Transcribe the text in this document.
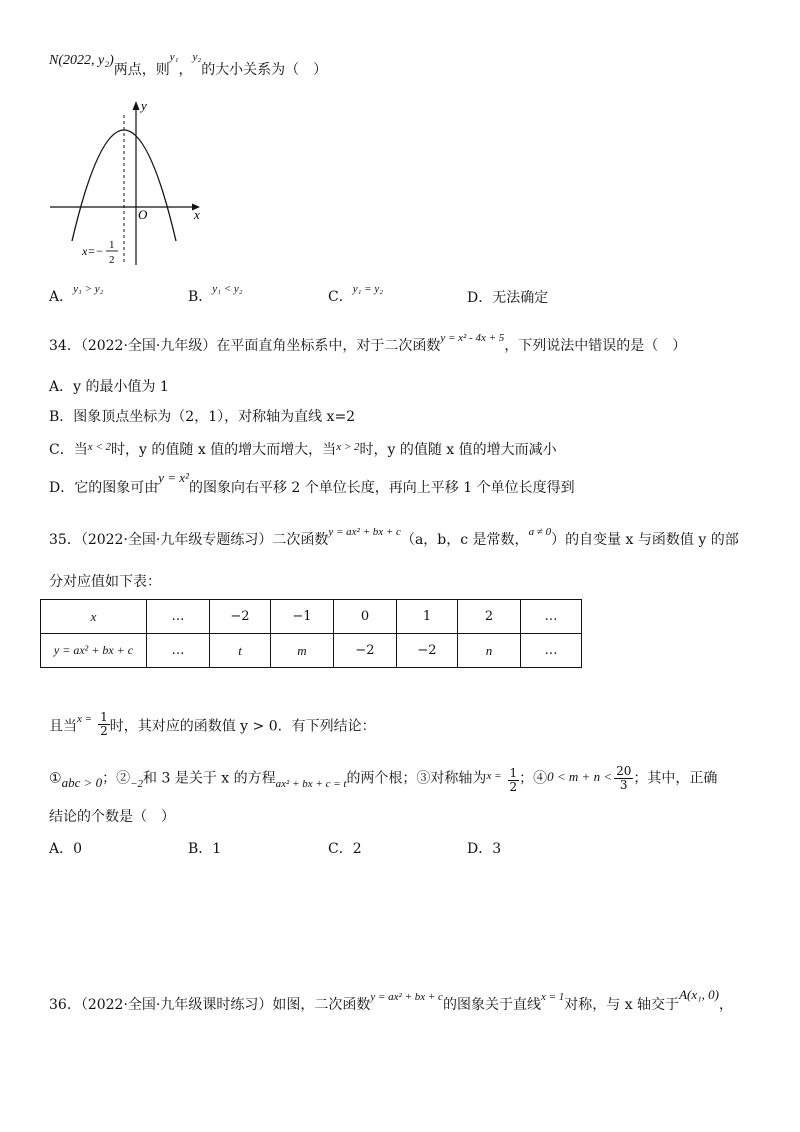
N(2022, y₂)两点，则$^{y_1}$，$^{y_2}$的大小关系为（　）
y
x
O
x=− 1
2
A．$^{y_1 > y_2}$	B．$^{y_1 < y_2}$	C．$^{y_1 = y_2}$
D．无法确定
34．（2022·全国·九年级）在平面直角坐标系中，对于二次函数$^{y = x^2 - 4x + 5}$，下列说法中错误的是（　）
A．y 的最小值为 1
B．图象顶点坐标为（2，1），对称轴为直线 x=2
C．当$^{x < 2}$时，y 的值随 x 值的增大而增大，当$^{x > 2}$时，y 的值随 x 值的增大而减小
D．它的图象可由y = x²的图象向右平移 2 个单位长度，再向上平移 1 个单位长度得到
35．（2022·全国·九年级专题练习）二次函数$^{y = ax^2 + bx + c}$（a，b，c 是常数，$^{a \ne 0}$）的自变量 x 与函数值 y 的部
分对应值如下表：
x	…	−2	−1	0	1	2	…
y = ax² + bx + c	…	t	m	−2	−2	n	…
且当$^{x =} \frac{1}{2}$ 时，其对应的函数值 y > 0．有下列结论：
①abc > 0；$②_{-2}$和 3 是关于 x 的方程$_{ax^2 + bx + c = t}$的两个根；③对称轴为$^{x =} \frac{1}{2}$ ；④0 < $m + n < \frac{20}{3}$ ；其中，正确
结论的个数是（　）
A．0	B．1	C．2	D．3
36．（2022·全国·九年级课时练习）如图，二次函数$^{y = ax^2 + bx + c}$的图象关于直线$^{x = 1}$对称，与 x 轴交于A(x₁, 0)，
